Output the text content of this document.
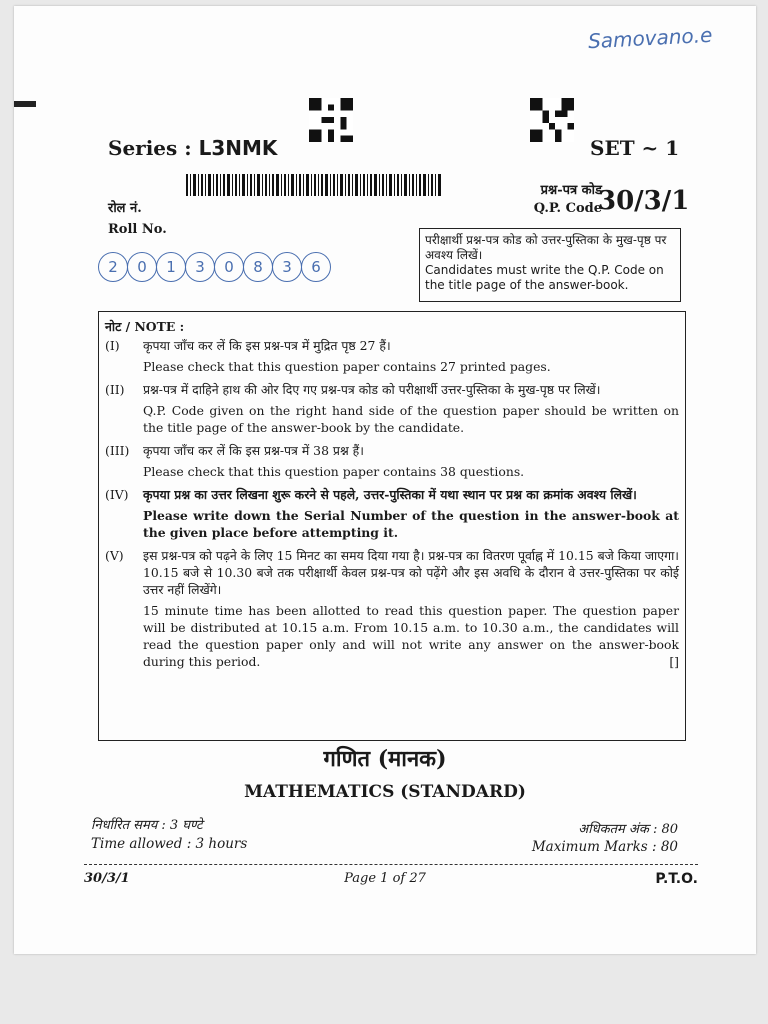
Samovano.e
Series : L3NMK	SET ~ 1
प्रश्न-पत्र कोड
Q.P. Code
30/3/1
रोल नं.
Roll No.
2	0	1	3	0	8	3	6
परीक्षार्थी प्रश्न-पत्र कोड को उत्तर-पुस्तिका के मुख-पृष्ठ पर अवश्य लिखें।
Candidates must write the Q.P. Code on the title page of the answer-book.
नोट / NOTE :
(I)	कृपया जाँच कर लें कि इस प्रश्न-पत्र में मुद्रित पृष्ठ 27 हैं।

Please check that this question paper contains 27 printed pages.

(II)	प्रश्न-पत्र में दाहिने हाथ की ओर दिए गए प्रश्न-पत्र कोड को परीक्षार्थी उत्तर-पुस्तिका के मुख-पृष्ठ पर लिखें।

Q.P. Code given on the right hand side of the question paper should be written on the title page of the answer-book by the candidate.

(III)	कृपया जाँच कर लें कि इस प्रश्न-पत्र में 38 प्रश्न हैं।

Please check that this question paper contains 38 questions.

(IV)	कृपया प्रश्न का उत्तर लिखना शुरू करने से पहले, उत्तर-पुस्तिका में यथा स्थान पर प्रश्न का क्रमांक अवश्य लिखें।

Please write down the Serial Number of the question in the answer-book at the given place before attempting it.

(V)	इस प्रश्न-पत्र को पढ़ने के लिए 15 मिनट का समय दिया गया है। प्रश्न-पत्र का वितरण पूर्वाह्न में 10.15 बजे किया जाएगा। 10.15 बजे से 10.30 बजे तक परीक्षार्थी केवल प्रश्न-पत्र को पढ़ेंगे और इस अवधि के दौरान वे उत्तर-पुस्तिका पर कोई उत्तर नहीं लिखेंगे।

15 minute time has been allotted to read this question paper. The question paper will be distributed at 10.15 a.m. From 10.15 a.m. to 10.30 a.m., the candidates will read the question paper only and will not write any answer on the answer-book during this period.	[]

गणित (मानक)
MATHEMATICS (STANDARD)
निर्धारित समय : 3 घण्टे
Time allowed : 3 hours
अधिकतम अंक : 80
Maximum Marks : 80
30/3/1	Page 1 of 27	P.T.O.
